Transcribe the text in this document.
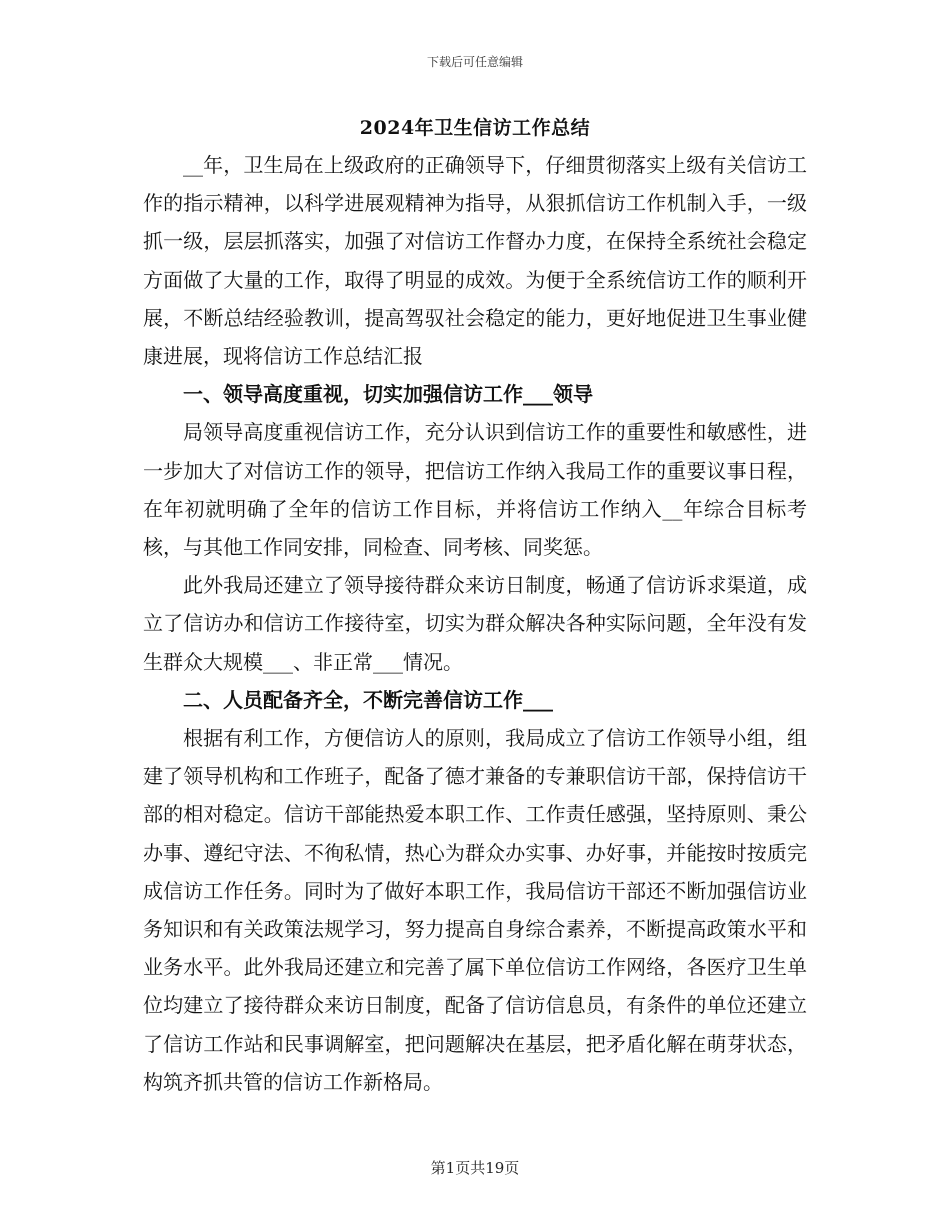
下载后可任意编辑
2024年卫生信访工作总结

__年，卫生局在上级政府的正确领导下，仔细贯彻落实上级有关信访工作的指示精神，以科学进展观精神为指导，从狠抓信访工作机制入手，一级抓一级，层层抓落实，加强了对信访工作督办力度，在保持全系统社会稳定方面做了大量的工作，取得了明显的成效。为便于全系统信访工作的顺利开展，不断总结经验教训，提高驾驭社会稳定的能力，更好地促进卫生事业健康进展，现将信访工作总结汇报

一、领导高度重视，切实加强信访工作___领导

局领导高度重视信访工作，充分认识到信访工作的重要性和敏感性，进一步加大了对信访工作的领导，把信访工作纳入我局工作的重要议事日程，在年初就明确了全年的信访工作目标，并将信访工作纳入__年综合目标考核，与其他工作同安排，同检查、同考核、同奖惩。

此外我局还建立了领导接待群众来访日制度，畅通了信访诉求渠道，成立了信访办和信访工作接待室，切实为群众解决各种实际问题，全年没有发生群众大规模___、非正常___情况。

二、人员配备齐全，不断完善信访工作___

根据有利工作，方便信访人的原则，我局成立了信访工作领导小组，组建了领导机构和工作班子，配备了德才兼备的专兼职信访干部，保持信访干部的相对稳定。信访干部能热爱本职工作、工作责任感强，坚持原则、秉公办事、遵纪守法、不徇私情，热心为群众办实事、办好事，并能按时按质完成信访工作任务。同时为了做好本职工作，我局信访干部还不断加强信访业务知识和有关政策法规学习，努力提高自身综合素养，不断提高政策水平和业务水平。此外我局还建立和完善了属下单位信访工作网络，各医疗卫生单位均建立了接待群众来访日制度，配备了信访信息员，有条件的单位还建立了信访工作站和民事调解室，把问题解决在基层，把矛盾化解在萌芽状态，构筑齐抓共管的信访工作新格局。

第1页共19页
